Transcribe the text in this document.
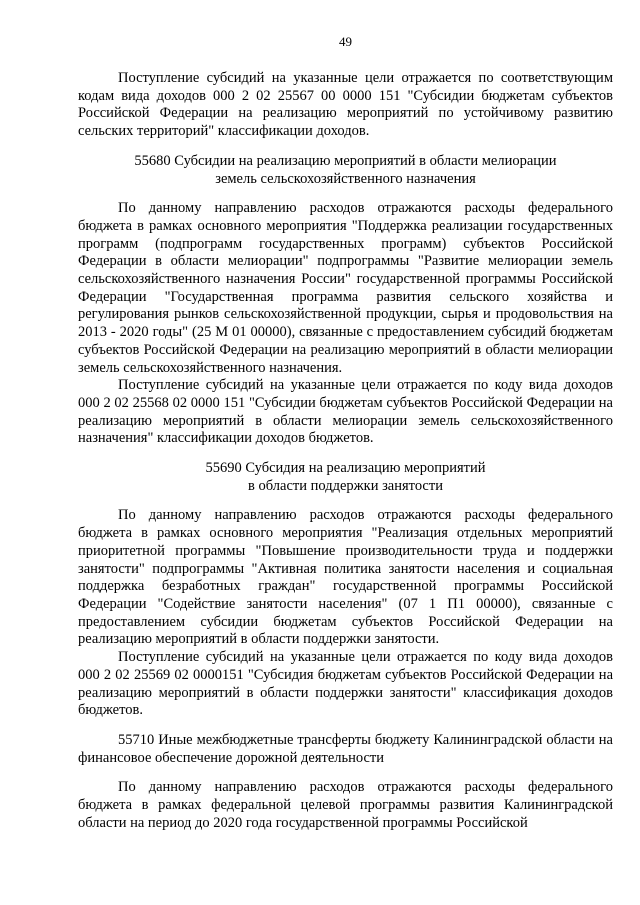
49

Поступление субсидий на указанные цели отражается по соответствующим кодам вида доходов 000 2 02 25567 00 0000 151 "Субсидии бюджетам субъектов Российской Федерации на реализацию мероприятий по устойчивому развитию сельских территорий" классификации доходов.

55680 Субсидии на реализацию мероприятий в области мелиорации
земель сельскохозяйственного назначения

По данному направлению расходов отражаются расходы федерального бюджета в рамках основного мероприятия "Поддержка реализации государственных программ (подпрограмм государственных программ) субъектов Российской Федерации в области мелиорации" подпрограммы "Развитие мелиорации земель сельскохозяйственного назначения России" государственной программы Российской Федерации "Государственная программа развития сельского хозяйства и регулирования рынков сельскохозяйственной продукции, сырья и продовольствия на 2013 - 2020 годы" (25 М 01 00000), связанные с предоставлением субсидий бюджетам субъектов Российской Федерации на реализацию мероприятий в области мелиорации земель сельскохозяйственного назначения.

Поступление субсидий на указанные цели отражается по коду вида доходов 000 2 02 25568 02 0000 151 "Субсидии бюджетам субъектов Российской Федерации на реализацию мероприятий в области мелиорации земель сельскохозяйственного назначения" классификации доходов бюджетов.

55690 Субсидия на реализацию мероприятий
в области поддержки занятости

По данному направлению расходов отражаются расходы федерального бюджета в рамках основного мероприятия "Реализация отдельных мероприятий приоритетной программы "Повышение производительности труда и поддержки занятости" подпрограммы "Активная политика занятости населения и социальная поддержка безработных граждан" государственной программы Российской Федерации "Содействие занятости населения" (07 1 П1 00000), связанные с предоставлением субсидии бюджетам субъектов Российской Федерации на реализацию мероприятий в области поддержки занятости.

Поступление субсидий на указанные цели отражается по коду вида доходов 000 2 02 25569 02 0000151 "Субсидия бюджетам субъектов Российской Федерации на реализацию мероприятий в области поддержки занятости" классификация доходов бюджетов.

55710 Иные межбюджетные трансферты бюджету Калининградской области на финансовое обеспечение дорожной деятельности

По данному направлению расходов отражаются расходы федерального бюджета в рамках федеральной целевой программы развития Калининградской области на период до 2020 года государственной программы Российской
